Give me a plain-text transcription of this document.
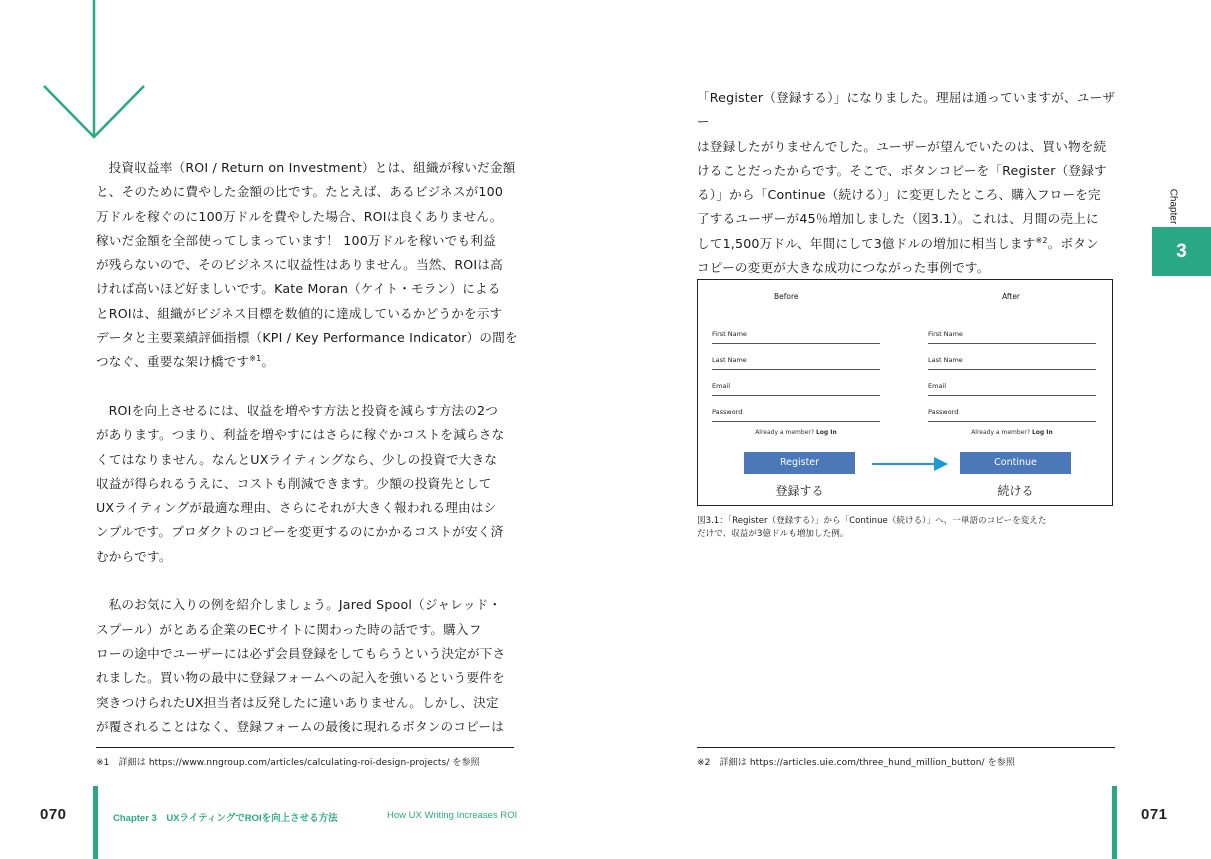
投資収益率（ROI / Return on Investment）とは、組織が稼いだ金額
と、そのために費やした金額の比です。たとえば、あるビジネスが100
万ドルを稼ぐのに100万ドルを費やした場合、ROIは良くありません。
稼いだ金額を全部使ってしまっています！ 100万ドルを稼いでも利益
が残らないので、そのビジネスに収益性はありません。当然、ROIは高
ければ高いほど好ましいです。Kate Moran（ケイト・モラン）による
とROIは、組織がビジネス目標を数値的に達成しているかどうかを示す
データと主要業績評価指標（KPI / Key Performance Indicator）の間を
つなぐ、重要な架け橋です$^{※1}$。

ROIを向上させるには、収益を増やす方法と投資を減らす方法の2つ
があります。つまり、利益を増やすにはさらに稼ぐかコストを減らさな
くてはなりません。なんとUXライティングなら、少しの投資で大きな
収益が得られるうえに、コストも削減できます。少額の投資先として
UXライティングが最適な理由、さらにそれが大きく報われる理由はシ
ンプルです。プロダクトのコピーを変更するのにかかるコストが安く済
むからです。

私のお気に入りの例を紹介しましょう。Jared Spool（ジャレッド・
スプール）がとある企業のECサイトに関わった時の話です。購入フ
ローの途中でユーザーには必ず会員登録をしてもらうという決定が下さ
れました。買い物の最中に登録フォームへの記入を強いるという要件を
突きつけられたUX担当者は反発したに違いありません。しかし、決定
が覆されることはなく、登録フォームの最後に現れるボタンのコピーは

※1　詳細は https://www.nngroup.com/articles/calculating-roi-design-projects/ を参照
070	Chapter 3　UXライティングでROIを向上させる方法	How UX Writing Increases ROI

「Register（登録する）」になりました。理屈は通っていますが、ユーザー
は登録したがりませんでした。ユーザーが望んでいたのは、買い物を続
けることだったからです。そこで、ボタンコピーを「Register（登録す
る）」から「Continue（続ける）」に変更したところ、購入フローを完
了するユーザーが45％増加しました（図3.1）。これは、月間の売上に
して1,500万ドル、年間にして3億ドルの増加に相当します$^{※2}$。ボタン
コピーの変更が大きな成功につながった事例です。

Before
First Name
Last Name
Email
Password
Already a member? Log In
Register
登録する
After
First Name
Last Name
Email
Password
Already a member? Log In
Continue
続ける
図3.1：「Register（登録する）」から「Continue（続ける）」へ、一単語のコピーを変えた
だけで、収益が3億ドルも増加した例。
Chapter
3
※2　詳細は https://articles.uie.com/three_hund_million_button/ を参照
071
